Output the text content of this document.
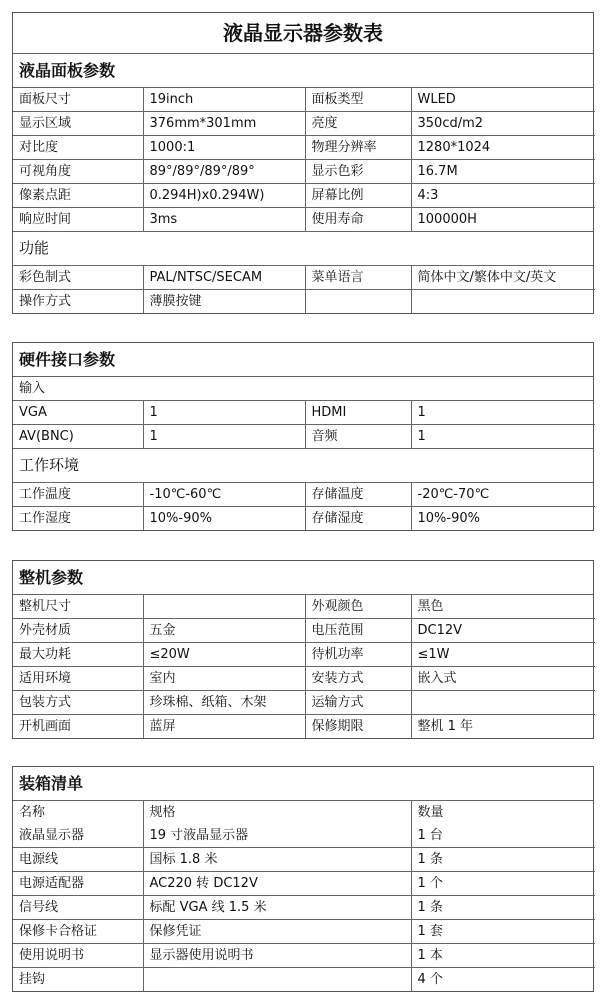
液晶显示器参数表
液晶面板参数
面板尺寸	19inch	面板类型	WLED
显示区域	376mm*301mm	亮度	350cd/m2
对比度	1000:1	物理分辨率	1280*1024
可视角度	89°/89°/89°/89°	显示色彩	16.7M
像素点距	0.294H)x0.294W)	屏幕比例	4:3
响应时间	3ms	使用寿命	100000H
功能
彩色制式	PAL/NTSC/SECAM	菜单语言	简体中文/繁体中文/英文
操作方式	薄膜按键		
硬件接口参数
输入
VGA	1	HDMI	1
AV(BNC)	1	音频	1
工作环境
工作温度	-10℃-60℃	存储温度	-20℃-70℃
工作湿度	10%-90%	存储湿度	10%-90%
整机参数
整机尺寸		外观颜色	黑色
外壳材质	五金	电压范围	DC12V
最大功耗	≤20W	待机功率	≤1W
适用环境	室内	安装方式	嵌入式
包装方式	珍珠棉、纸箱、木架	运输方式	
开机画面	蓝屏	保修期限	整机 1 年
装箱清单
名称	规格	数量
液晶显示器	19 寸液晶显示器	1 台
电源线	国标 1.8 米	1 条
电源适配器	AC220 转 DC12V	1 个
信号线	标配 VGA 线 1.5 米	1 条
保修卡合格证	保修凭证	1 套
使用说明书	显示器使用说明书	1 本
挂钩		4 个
